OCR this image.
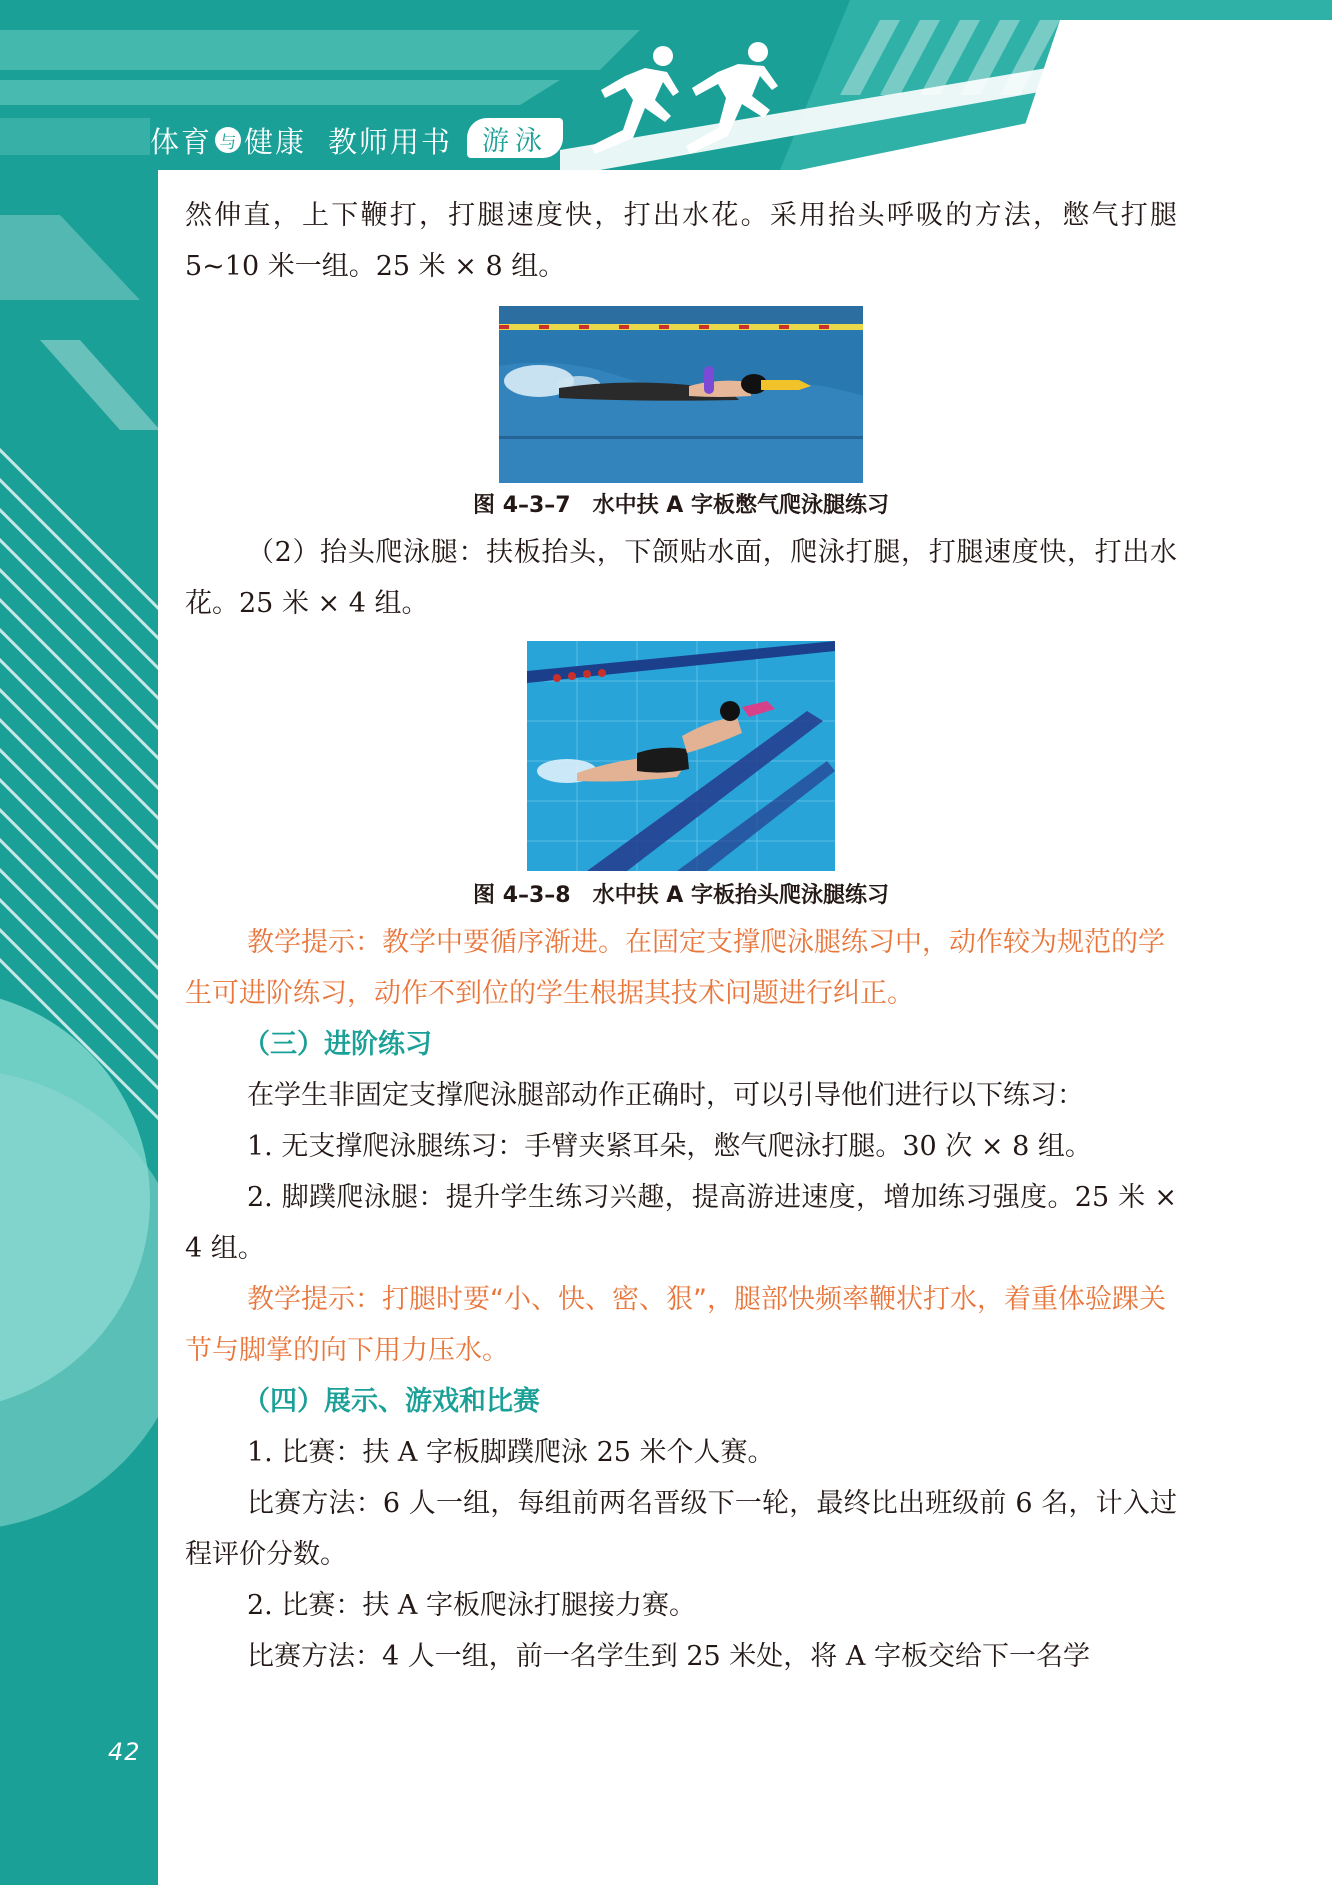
体育 与 健康 教师用书	游泳

然伸直，上下鞭打，打腿速度快，打出水花。采用抬头呼吸的方法，憋气打腿 5~10 米一组。25 米 × 8 组。

图 4–3–7　水中扶 A 字板憋气爬泳腿练习

（2）抬头爬泳腿：扶板抬头，下颌贴水面，爬泳打腿，打腿速度快，打出水花。25 米 × 4 组。

图 4–3–8　水中扶 A 字板抬头爬泳腿练习

教学提示：教学中要循序渐进。在固定支撑爬泳腿练习中，动作较为规范的学生可进阶练习，动作不到位的学生根据其技术问题进行纠正。

（三）进阶练习

在学生非固定支撑爬泳腿部动作正确时，可以引导他们进行以下练习：

1. 无支撑爬泳腿练习：手臂夹紧耳朵，憋气爬泳打腿。30 次 × 8 组。

2. 脚蹼爬泳腿：提升学生练习兴趣，提高游进速度，增加练习强度。25 米 × 4 组。

教学提示：打腿时要“小、快、密、狠”，腿部快频率鞭状打水，着重体验踝关节与脚掌的向下用力压水。

（四）展示、游戏和比赛

1. 比赛：扶 A 字板脚蹼爬泳 25 米个人赛。

比赛方法：6 人一组，每组前两名晋级下一轮，最终比出班级前 6 名，计入过程评价分数。

2. 比赛：扶 A 字板爬泳打腿接力赛。

比赛方法：4 人一组，前一名学生到 25 米处，将 A 字板交给下一名学

42
